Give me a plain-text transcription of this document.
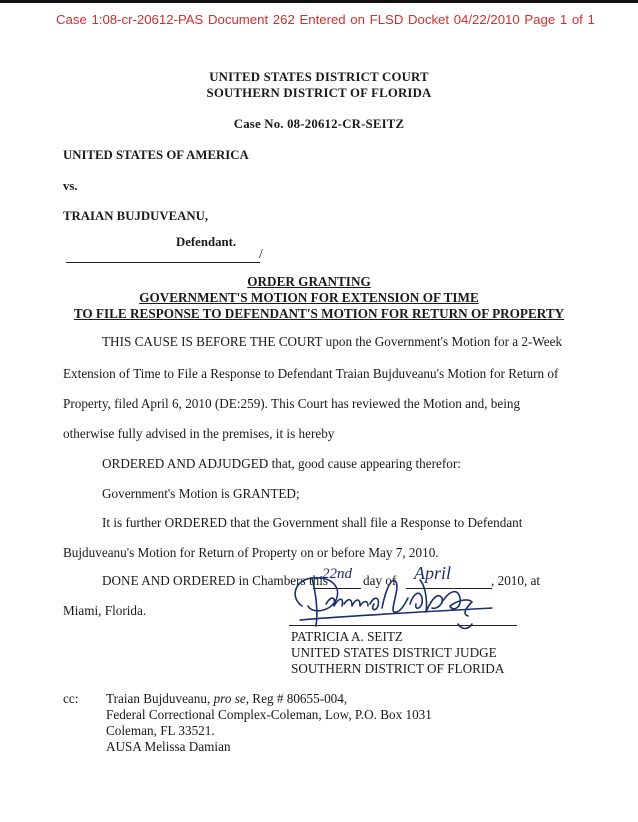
Case 1:08-cr-20612-PAS Document 262 Entered on FLSD Docket 04/22/2010 Page 1 of 1
UNITED STATES DISTRICT COURT
SOUTHERN DISTRICT OF FLORIDA
Case No. 08-20612-CR-SEITZ
UNITED STATES OF AMERICA
vs.
TRAIAN BUJDUVEANU,
Defendant.
/
ORDER GRANTING
GOVERNMENT'S MOTION FOR EXTENSION OF TIME
TO FILE RESPONSE TO DEFENDANT'S MOTION FOR RETURN OF PROPERTY
THIS CAUSE IS BEFORE THE COURT upon the Government's Motion for a 2-Week
Extension of Time to File a Response to Defendant Traian Bujduveanu's Motion for Return of
Property, filed April 6, 2010 (DE:259). This Court has reviewed the Motion and, being
otherwise fully advised in the premises, it is hereby
ORDERED AND ADJUDGED that, good cause appearing therefor:
Government's Motion is GRANTED;
It is further ORDERED that the Government shall file a Response to Defendant
Bujduveanu's Motion for Return of Property on or before May 7, 2010.
DONE AND ORDERED in Chambers this
22nd day of April	, 2010, at
Miami, Florida.
PATRICIA A. SEITZ
UNITED STATES DISTRICT JUDGE
SOUTHERN DISTRICT OF FLORIDA
cc: Traian Bujduveanu, pro se, Reg # 80655-004,
Federal Correctional Complex-Coleman, Low, P.O. Box 1031
Coleman, FL 33521.
AUSA Melissa Damian
